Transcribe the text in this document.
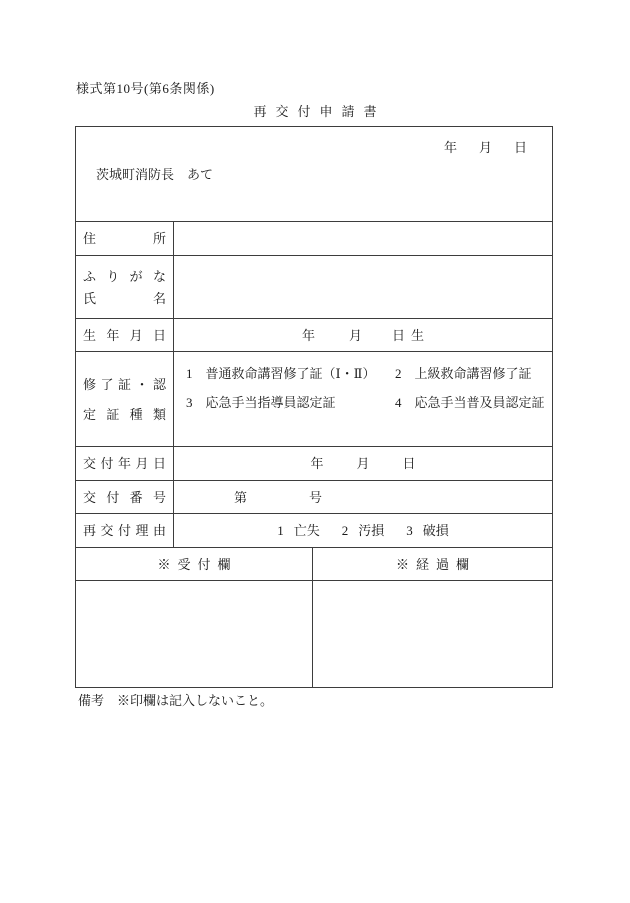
様式第10号(第6条関係)
再交付申請書
年 月 日
茨城町消防長　あて
住	所
ふ り が な
氏	名
生 年 月 日	年	月 日 生
修 了 証 ・ 認
定 証 種 類
1 普通救命講習修了証（Ⅰ・Ⅱ） 2 上級救命講習修了証
3 応急手当指導員認定証	4 応急手当普及員認定証
交 付 年 月 日	年	月	日
交 付 番 号	第	号
再 交 付 理 由	1 亡失 2 汚損 3 破損
※受付欄	※経過欄
備考 ※印欄は記入しないこと。
